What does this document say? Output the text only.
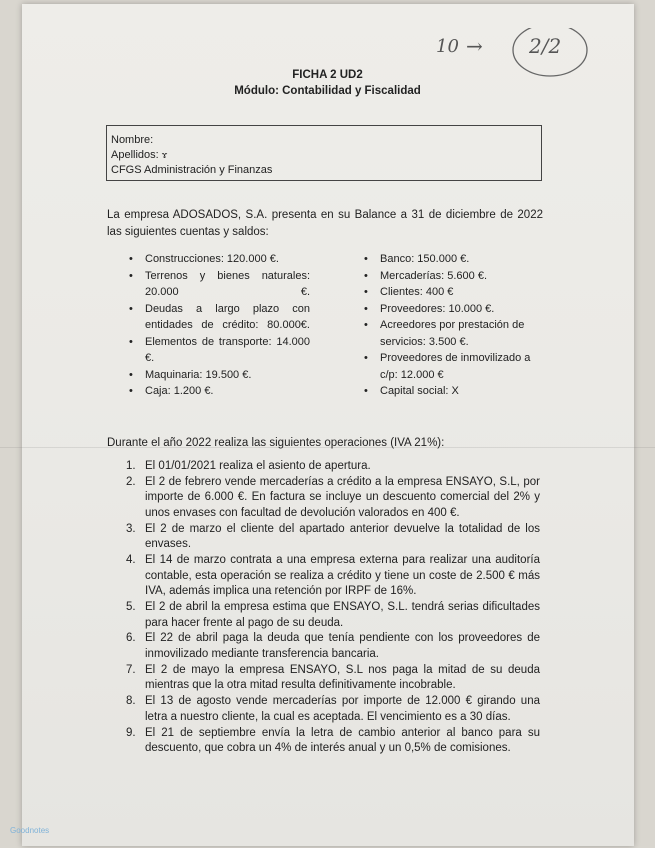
10 → 2/2
FICHA 2 UD2
Módulo: Contabilidad y Fiscalidad
Nombre:
Apellidos: ɤ
CFGS Administración y Finanzas
La empresa ADOSADOS, S.A. presenta en su Balance a 31 de diciembre de 2022 las siguientes cuentas y saldos:
• Construcciones: 120.000 €.
• Terrenos y bienes naturales: 20.000 €.
• Deudas a largo plazo con entidades de crédito: 80.000€.
• Elementos de transporte: 14.000 €.
• Maquinaria: 19.500 €.
• Caja: 1.200 €.
• Banco: 150.000 €.
• Mercaderías: 5.600 €.
• Clientes: 400 €
• Proveedores: 10.000 €.
• Acreedores por prestación de servicios: 3.500 €.
• Proveedores de inmovilizado a c/p: 12.000 €
• Capital social: X
Durante el año 2022 realiza las siguientes operaciones (IVA 21%):
1. El 01/01/2021 realiza el asiento de apertura.
2. El 2 de febrero vende mercaderías a crédito a la empresa ENSAYO, S.L, por importe de 6.000 €. En factura se incluye un descuento comercial del 2% y unos envases con facultad de devolución valorados en 400 €.
3. El 2 de marzo el cliente del apartado anterior devuelve la totalidad de los envases.
4. El 14 de marzo contrata a una empresa externa para realizar una auditoría contable, esta operación se realiza a crédito y tiene un coste de 2.500 € más IVA, además implica una retención por IRPF de 16%.
5. El 2 de abril la empresa estima que ENSAYO, S.L. tendrá serias dificultades para hacer frente al pago de su deuda.
6. El 22 de abril paga la deuda que tenía pendiente con los proveedores de inmovilizado mediante transferencia bancaria.
7. El 2 de mayo la empresa ENSAYO, S.L nos paga la mitad de su deuda mientras que la otra mitad resulta definitivamente incobrable.
8. El 13 de agosto vende mercaderías por importe de 12.000 € girando una letra a nuestro cliente, la cual es aceptada. El vencimiento es a 30 días.
9. El 21 de septiembre envía la letra de cambio anterior al banco para su descuento, que cobra un 4% de interés anual y un 0,5% de comisiones.
Goodnotes
